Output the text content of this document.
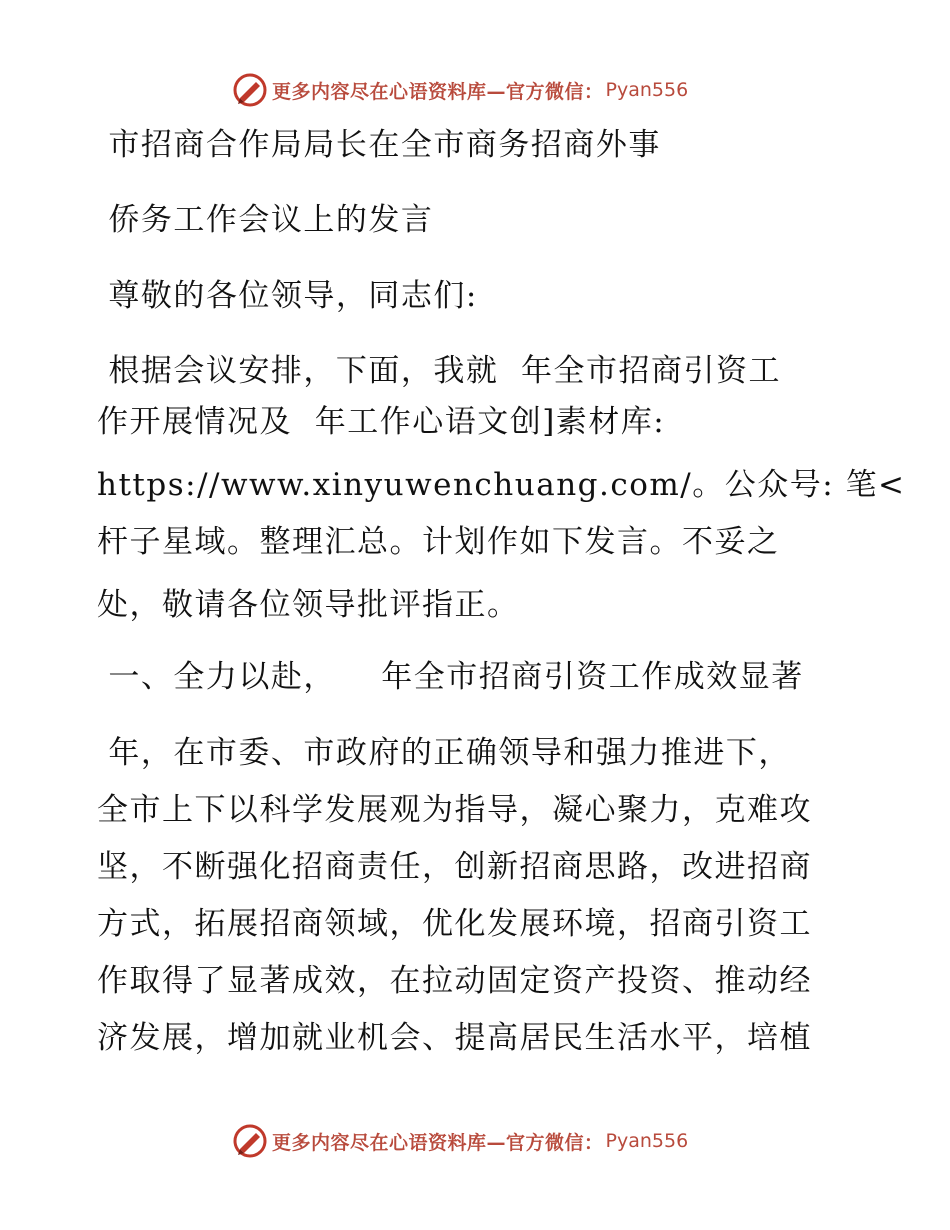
更多内容尽在心语资料库—官方微信： Pyan556
市招商合作局局长在全市商务招商外事
侨务工作会议上的发言
尊敬的各位领导，同志们:
根据会议安排，下面，我就  年全市招商引资工
作开展情况及  年工作心语文创]素材库:
https://www.xinyuwenchuang.com/。公众号: 笔<
杆子星域。整理汇总。计划作如下发言。不妥之
处，敬请各位领导批评指正。
一、全力以赴，    年全市招商引资工作成效显著
年，在市委、市政府的正确领导和强力推进下，
全市上下以科学发展观为指导，凝心聚力，克难攻
坚，不断强化招商责任，创新招商思路，改进招商
方式，拓展招商领域，优化发展环境，招商引资工
作取得了显著成效，在拉动固定资产投资、推动经
济发展，增加就业机会、提高居民生活水平，培植
更多内容尽在心语资料库—官方微信： Pyan556
